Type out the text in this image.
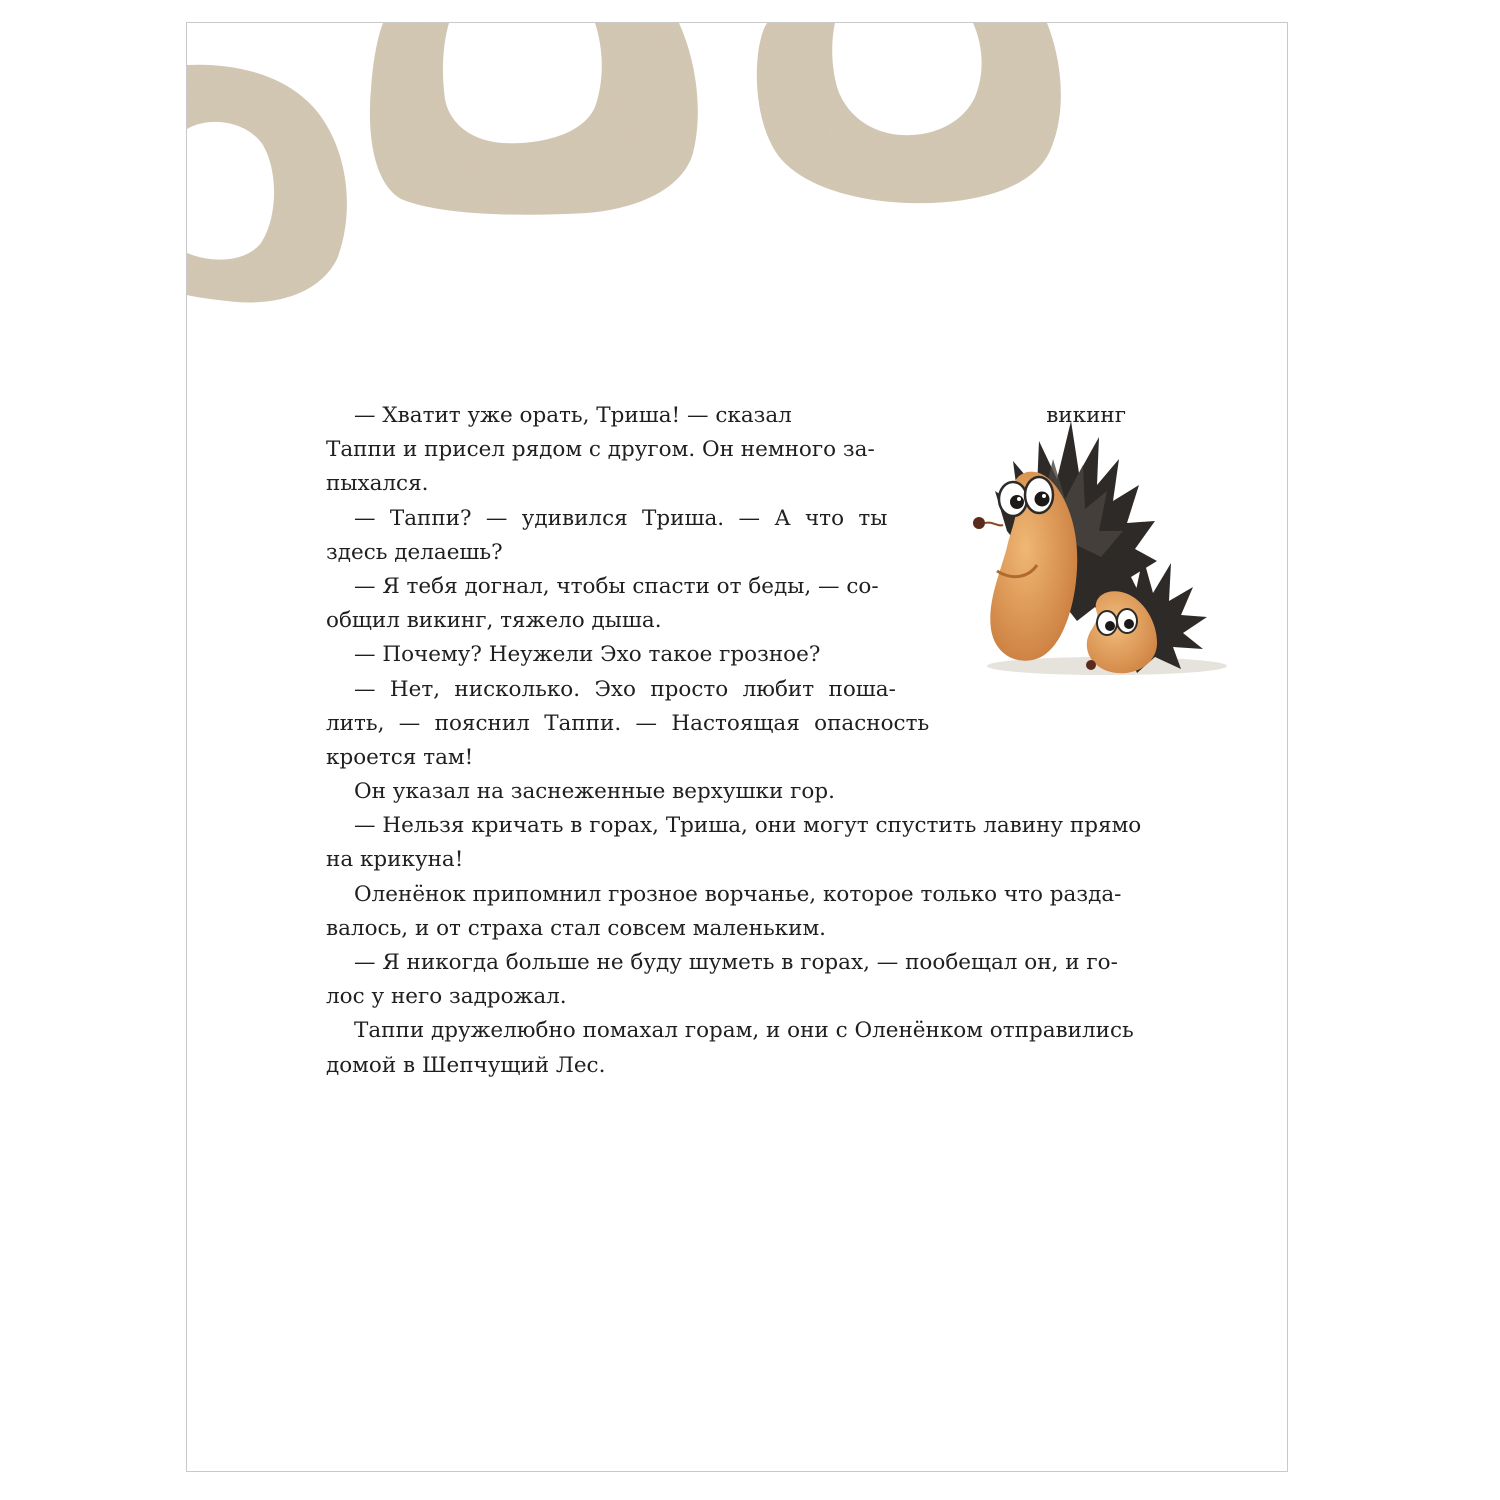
— Хватит уже орать, Триша! — сказал	викинг
Таппи и присел рядом с другом. Он немного за-
пыхался.
— Таппи? — удивился Триша. — А что ты
здесь делаешь?
— Я тебя догнал, чтобы спасти от беды, — со-
общил викинг, тяжело дыша.
— Почему? Неужели Эхо такое грозное?
— Нет, нисколько. Эхо просто любит поша-
лить, — пояснил Таппи. — Настоящая опасность
кроется там!
Он указал на заснеженные верхушки гор.
— Нельзя кричать в горах, Триша, они могут спустить лавину прямо
на крикуна!
Оленёнок припомнил грозное ворчанье, которое только что разда-
валось, и от страха стал совсем маленьким.
— Я никогда больше не буду шуметь в горах, — пообещал он, и го-
лос у него задрожал.
Таппи дружелюбно помахал горам, и они с Оленёнком отправились
домой в Шепчущий Лес.
